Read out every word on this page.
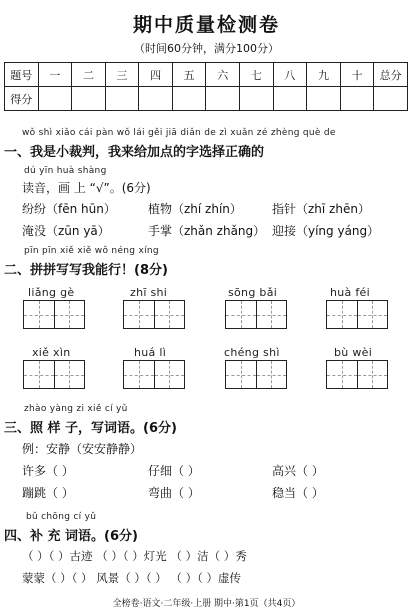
期中质量检测卷
（时间60分钟，满分100分）
题号	一	二	三	四	五	六	七	八	九	十	总分
得分											
wǒ shì xiǎo cái pàn wǒ lái gěi jiā diǎn de zì xuǎn zé zhèng què de
一、我是小裁判，我来给加点的字选择正确的
dú yīn huà shàng
读音，画 上 “√”。(6分)
纷纷（fēn hūn）	植物（zhí zhín）	指针（zhī zhēn）
淹没（zūn yā）	手掌（zhǎn zhǎng） 迎接（yíng yáng）
pīn pīn xiě xiě wǒ néng xíng
二、拼拼写写我能行！(8分)
liǎng gè	zhī shi	sōng bǎi	huà féi
xiě xìn	huá lì	chéng shì	bù wèi
zhào yàng zi xiě cí yǔ
三、照 样 子，写词语。(6分)
例：安静（安安静静）
许多（ ）	仔细（ ）	高兴（ ）
蹦跳（ ）	弯曲（ ）	稳当（ ）
bǔ chōng cí yǔ
四、补 充 词语。(6分)
（ ）（ ）古迹 （ ）（ ）灯光 （ ）洁（ ）秀
蒙蒙（ ）（ ） 风景（ ）（ ） （ ）（ ）虚传
全榜卷·语文·二年级·上册 期中·第1页（共4页）
